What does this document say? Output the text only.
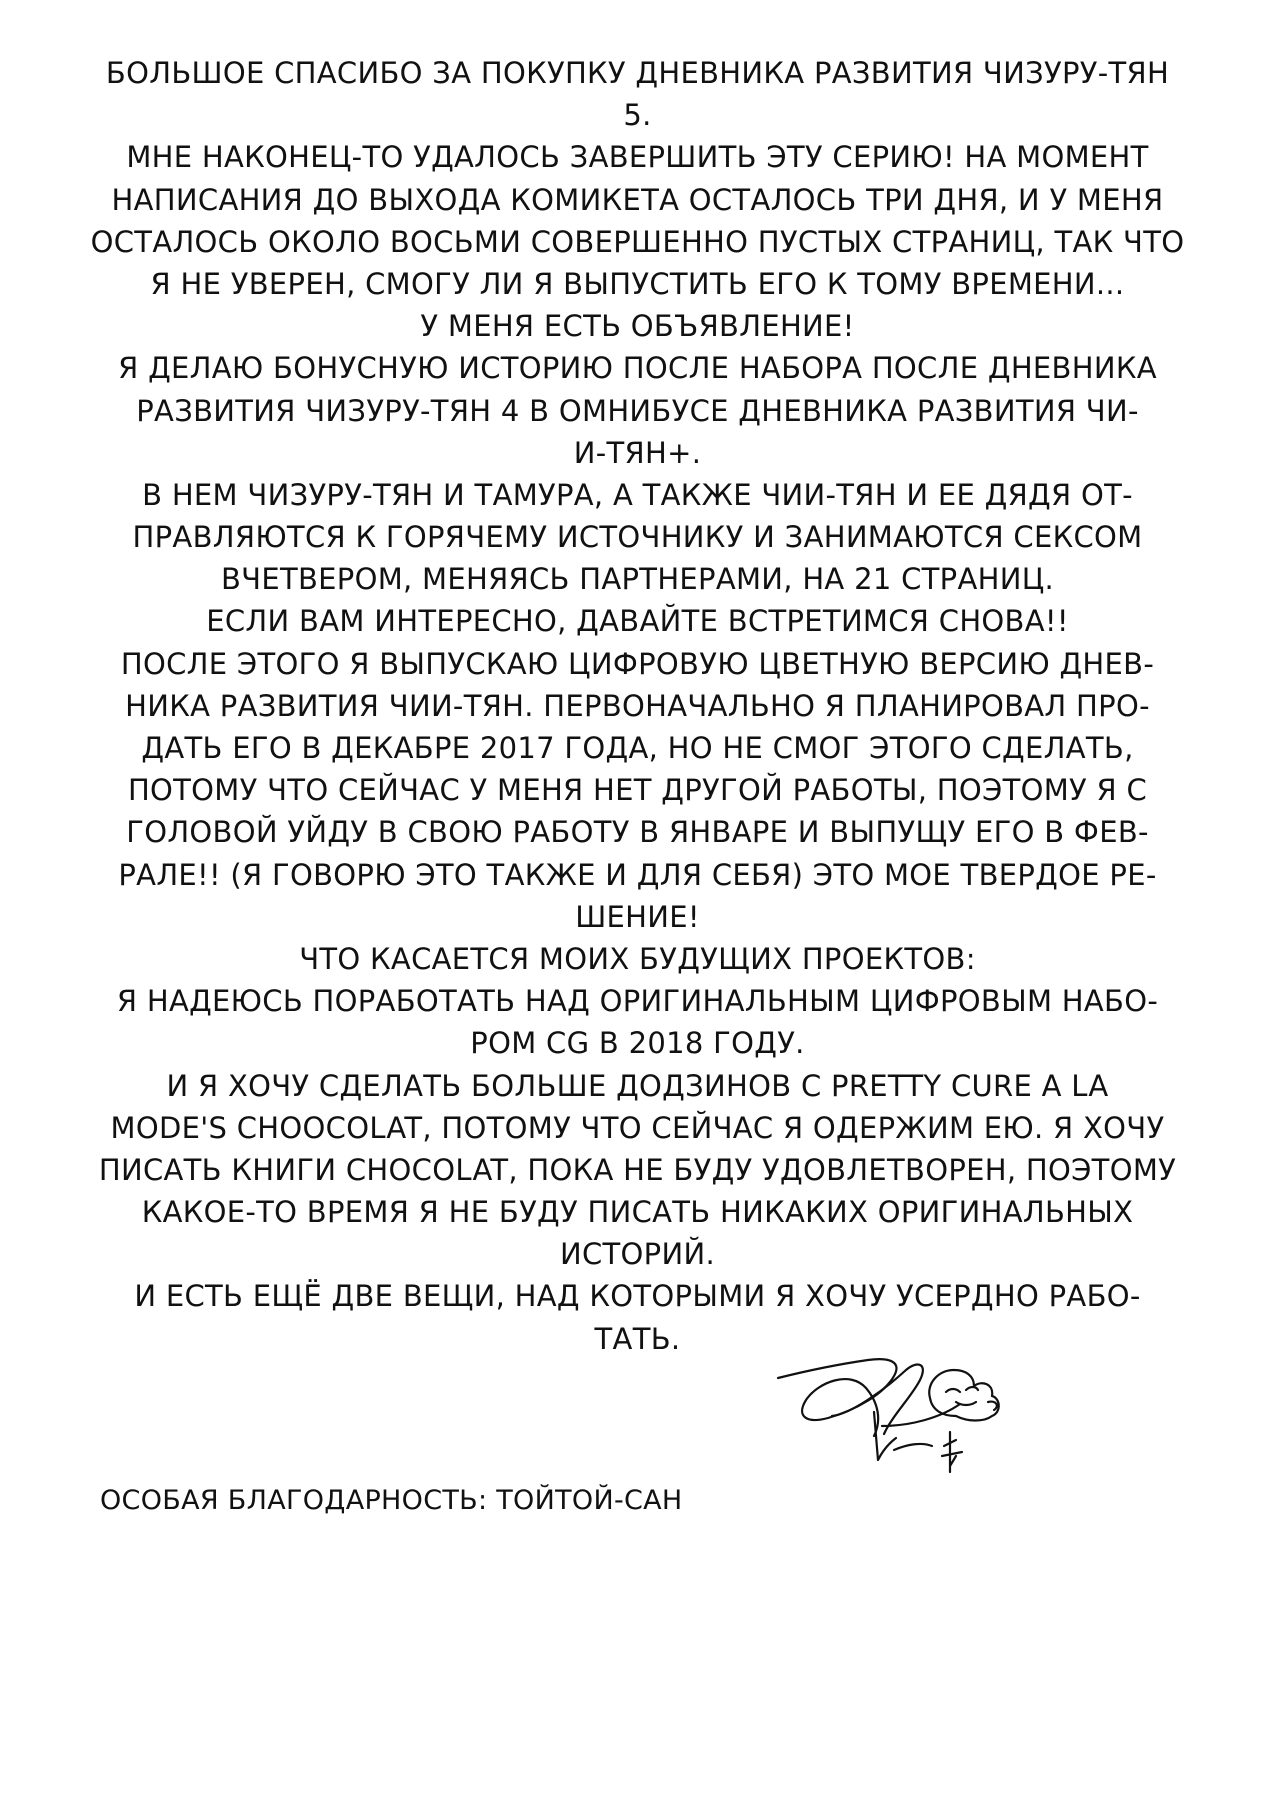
БОЛЬШОЕ СПАСИБО ЗА ПОКУПКУ ДНЕВНИКА РАЗВИТИЯ ЧИЗУРУ-ТЯН
5.
МНЕ НАКОНЕЦ-ТО УДАЛОСЬ ЗАВЕРШИТЬ ЭТУ СЕРИЮ! НА МОМЕНТ
НАПИСАНИЯ ДО ВЫХОДА КОМИКЕТА ОСТАЛОСЬ ТРИ ДНЯ, И У МЕНЯ
ОСТАЛОСЬ ОКОЛО ВОСЬМИ СОВЕРШЕННО ПУСТЫХ СТРАНИЦ, ТАК ЧТО
Я НЕ УВЕРЕН, СМОГУ ЛИ Я ВЫПУСТИТЬ ЕГО К ТОМУ ВРЕМЕНИ...
У МЕНЯ ЕСТЬ ОБЪЯВЛЕНИЕ!
Я ДЕЛАЮ БОНУСНУЮ ИСТОРИЮ ПОСЛЕ НАБОРА ПОСЛЕ ДНЕВНИКА
РАЗВИТИЯ ЧИЗУРУ-ТЯН 4 В ОМНИБУСЕ ДНЕВНИКА РАЗВИТИЯ ЧИ-
И-ТЯН+.
В НЕМ ЧИЗУРУ-ТЯН И ТАМУРА, А ТАКЖЕ ЧИИ-ТЯН И ЕЕ ДЯДЯ ОТ-
ПРАВЛЯЮТСЯ К ГОРЯЧЕМУ ИСТОЧНИКУ И ЗАНИМАЮТСЯ СЕКСОМ
ВЧЕТВЕРОМ, МЕНЯЯСЬ ПАРТНЕРАМИ, НА 21 СТРАНИЦ.
ЕСЛИ ВАМ ИНТЕРЕСНО, ДАВАЙТЕ ВСТРЕТИМСЯ СНОВА!!
ПОСЛЕ ЭТОГО Я ВЫПУСКАЮ ЦИФРОВУЮ ЦВЕТНУЮ ВЕРСИЮ ДНЕВ-
НИКА РАЗВИТИЯ ЧИИ-ТЯН. ПЕРВОНАЧАЛЬНО Я ПЛАНИРОВАЛ ПРО-
ДАТЬ ЕГО В ДЕКАБРЕ 2017 ГОДА, НО НЕ СМОГ ЭТОГО СДЕЛАТЬ,
ПОТОМУ ЧТО СЕЙЧАС У МЕНЯ НЕТ ДРУГОЙ РАБОТЫ, ПОЭТОМУ Я С
ГОЛОВОЙ УЙДУ В СВОЮ РАБОТУ В ЯНВАРЕ И ВЫПУЩУ ЕГО В ФЕВ-
РАЛЕ!! (Я ГОВОРЮ ЭТО ТАКЖЕ И ДЛЯ СЕБЯ) ЭТО МОЕ ТВЕРДОЕ РЕ-
ШЕНИЕ!
ЧТО КАСАЕТСЯ МОИХ БУДУЩИХ ПРОЕКТОВ:
Я НАДЕЮСЬ ПОРАБОТАТЬ НАД ОРИГИНАЛЬНЫМ ЦИФРОВЫМ НАБО-
РОМ CG В 2018 ГОДУ.
И Я ХОЧУ СДЕЛАТЬ БОЛЬШЕ ДОДЗИНОВ С PRETTY CURE A LA
MODE'S CHOOCOLAT, ПОТОМУ ЧТО СЕЙЧАС Я ОДЕРЖИМ ЕЮ. Я ХОЧУ
ПИСАТЬ КНИГИ CHOCOLAT, ПОКА НЕ БУДУ УДОВЛЕТВОРЕН, ПОЭТОМУ
КАКОЕ-ТО ВРЕМЯ Я НЕ БУДУ ПИСАТЬ НИКАКИХ ОРИГИНАЛЬНЫХ
ИСТОРИЙ.
И ЕСТЬ ЕЩЁ ДВЕ ВЕЩИ, НАД КОТОРЫМИ Я ХОЧУ УСЕРДНО РАБО-
ТАТЬ.
ОСОБАЯ БЛАГОДАРНОСТЬ: ТОЙТОЙ-САН
